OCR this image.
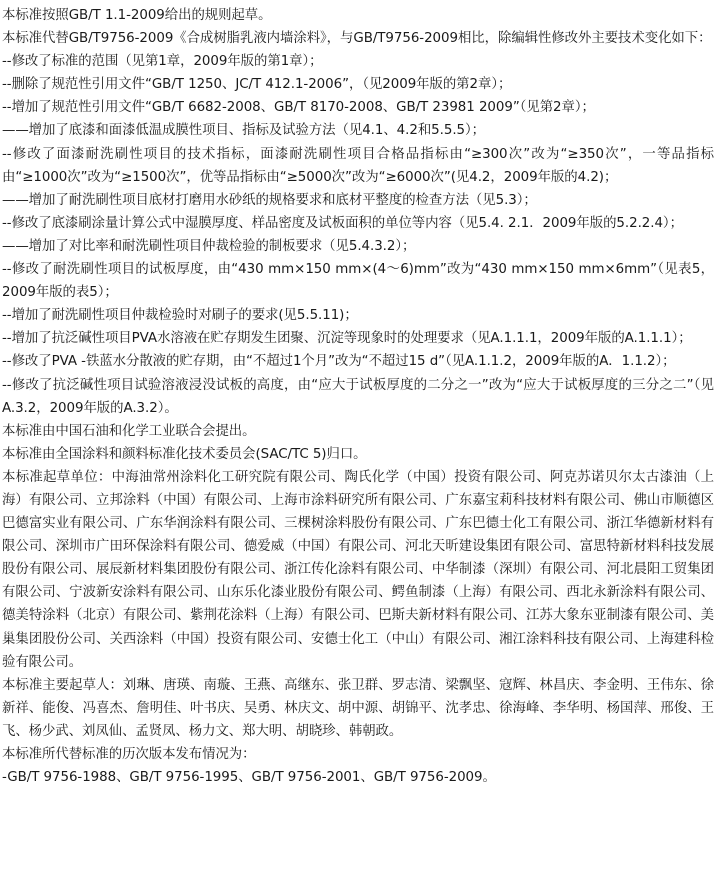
本标准按照GB/T 1.1-2009给出的规则起草。

本标准代替GB/T9756-2009《合成树脂乳液内墙涂料》，与GB/T9756-2009相比，除编辑性修改外主要技术变化如下：

--修改了标准的范围（见第1章，2009年版的第1章）；

--删除了规范性引用文件“GB/T 1250、JC/T 412.1-2006”，（见2009年版的第2章）；

--增加了规范性引用文件“GB/T 6682-2008、GB/T 8170-2008、GB/T 23981 2009”（见第2章）；

——增加了底漆和面漆低温成膜性项目、指标及试验方法（见4.1、4.2和5.5.5）；

--修改了面漆耐洗刷性项目的技术指标，面漆耐洗刷性项目合格品指标由“≥300次”改为“≥350次”，一等品指标由“≥1000次”改为“≥1500次”，优等品指标由“≥5000次”改为“≥6000次”(见4.2，2009年版的4.2)；

——增加了耐洗刷性项目底材打磨用水砂纸的规格要求和底材平整度的检查方法（见5.3）；

--修改了底漆刷涂量计算公式中湿膜厚度、样品密度及试板面积的单位等内容（见5.4. 2.1．2009年版的5.2.2.4）；

——增加了对比率和耐洗刷性项目仲裁检验的制板要求（见5.4.3.2）；

--修改了耐洗刷性项目的试板厚度，由“430 mm×150 mm×(4～6)mm”改为“430 mm×150 mm×6mm”（见表5，2009年版的表5）；

--增加了耐洗刷性项目仲裁检验时对刷子的要求(见5.5.11)；

--增加了抗泛碱性项目PVA水溶液在贮存期发生团聚、沉淀等现象时的处理要求（见A.1.1.1，2009年版的A.1.1.1）；

--修改了PVA -铁蓝水分散液的贮存期，由“不超过1个月”改为“不超过15 d”（见A.1.1.2，2009年版的A．1.1.2）；

--修改了抗泛碱性项目试验溶液浸没试板的高度，由“应大于试板厚度的二分之一”改为“应大于试板厚度的三分之二”（见A.3.2，2009年版的A.3.2）。

本标准由中国石油和化学工业联合会提出。

本标准由全国涂料和颜料标准化技术委员会(SAC/TC 5)归口。

本标准起草单位：中海油常州涂料化工研究院有限公司、陶氏化学（中国）投资有限公司、阿克苏诺贝尔太古漆油（上海）有限公司、立邦涂料（中国）有限公司、上海市涂料研究所有限公司、广东嘉宝莉科技材料有限公司、佛山市顺德区巴德富实业有限公司、广东华润涂料有限公司、三棵树涂料股份有限公司、广东巴德士化工有限公司、浙江华德新材料有限公司、深圳市广田环保涂料有限公司、德爱威（中国）有限公司、河北天昕建设集团有限公司、富思特新材料科技发展股份有限公司、展辰新材料集团股份有限公司、浙江传化涂料有限公司、中华制漆（深圳）有限公司、河北晨阳工贸集团有限公司、宁波新安涂料有限公司、山东乐化漆业股份有限公司、鳄鱼制漆（上海）有限公司、西北永新涂料有限公司、德美特涂料（北京）有限公司、紫荆花涂料（上海）有限公司、巴斯夫新材料有限公司、江苏大象东亚制漆有限公司、美巢集团股份公司、关西涂料（中国）投资有限公司、安德士化工（中山）有限公司、湘江涂料科技有限公司、上海建科检验有限公司。

本标准主要起草人：刘琳、唐瑛、南璇、王燕、高继东、张卫群、罗志清、梁飘坚、寇辉、林昌庆、李金明、王伟东、徐新祥、能俊、冯喜杰、詹明佳、叶书庆、吴勇、林庆文、胡中源、胡锦平、沈孝忠、徐海峰、李华明、杨国萍、邢俊、王飞、杨少武、刘凤仙、孟贤凤、杨力文、郑大明、胡晓珍、韩朝政。

本标准所代替标准的历次版本发布情况为：

-GB/T 9756-1988、GB/T 9756-1995、GB/T 9756-2001、GB/T 9756-2009。
